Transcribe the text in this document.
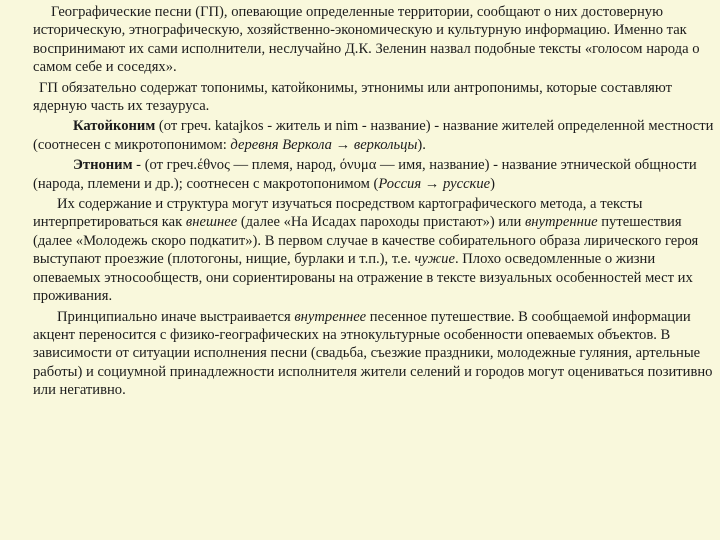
Географические песни (ГП), опевающие определенные территории, сообщают о них достоверную историческую, этнографическую, хозяйственно-экономическую и культурную информацию. Именно так воспринимают их сами исполнители, неслучайно Д.К. Зеленин назвал подобные тексты «голосом народа о самом себе и соседях».

ГП обязательно содержат топонимы, катойконимы, этнонимы или антропонимы, которые составляют ядерную часть их тезауруса.

Катойконим (от греч. katajkos - житель и nim - название) - название жителей определенной местности (соотнесен с микротопонимом: деревня Веркола → веркольцы).

Этноним - (от греч.έθνος — племя, народ, όνυμα — имя, название) - название этнической общности (народа, племени и др.); соотнесен с макротопонимом (Россия → русские)

Их содержание и структура могут изучаться посредством картографического метода, а тексты интерпретироваться как внешнее (далее «На Исадах пароходы пристают») или внутренние путешествия (далее «Молодежь скоро подкатит»). В первом случае в качестве собирательного образа лирического героя выступают проезжие (плотогоны, нищие, бурлаки и т.п.), т.е. чужие. Плохо осведомленные о жизни опеваемых этносообществ, они сориентированы на отражение в тексте визуальных особенностей мест их проживания.

Принципиально иначе выстраивается внутреннее песенное путешествие. В сообщаемой информации акцент переносится с физико-географических на этнокультурные особенности опеваемых объектов. В зависимости от ситуации исполнения песни (свадьба, съезжие праздники, молодежные гуляния, артельные работы) и социумной принадлежности исполнителя жители селений и городов могут оцениваться позитивно или негативно.
